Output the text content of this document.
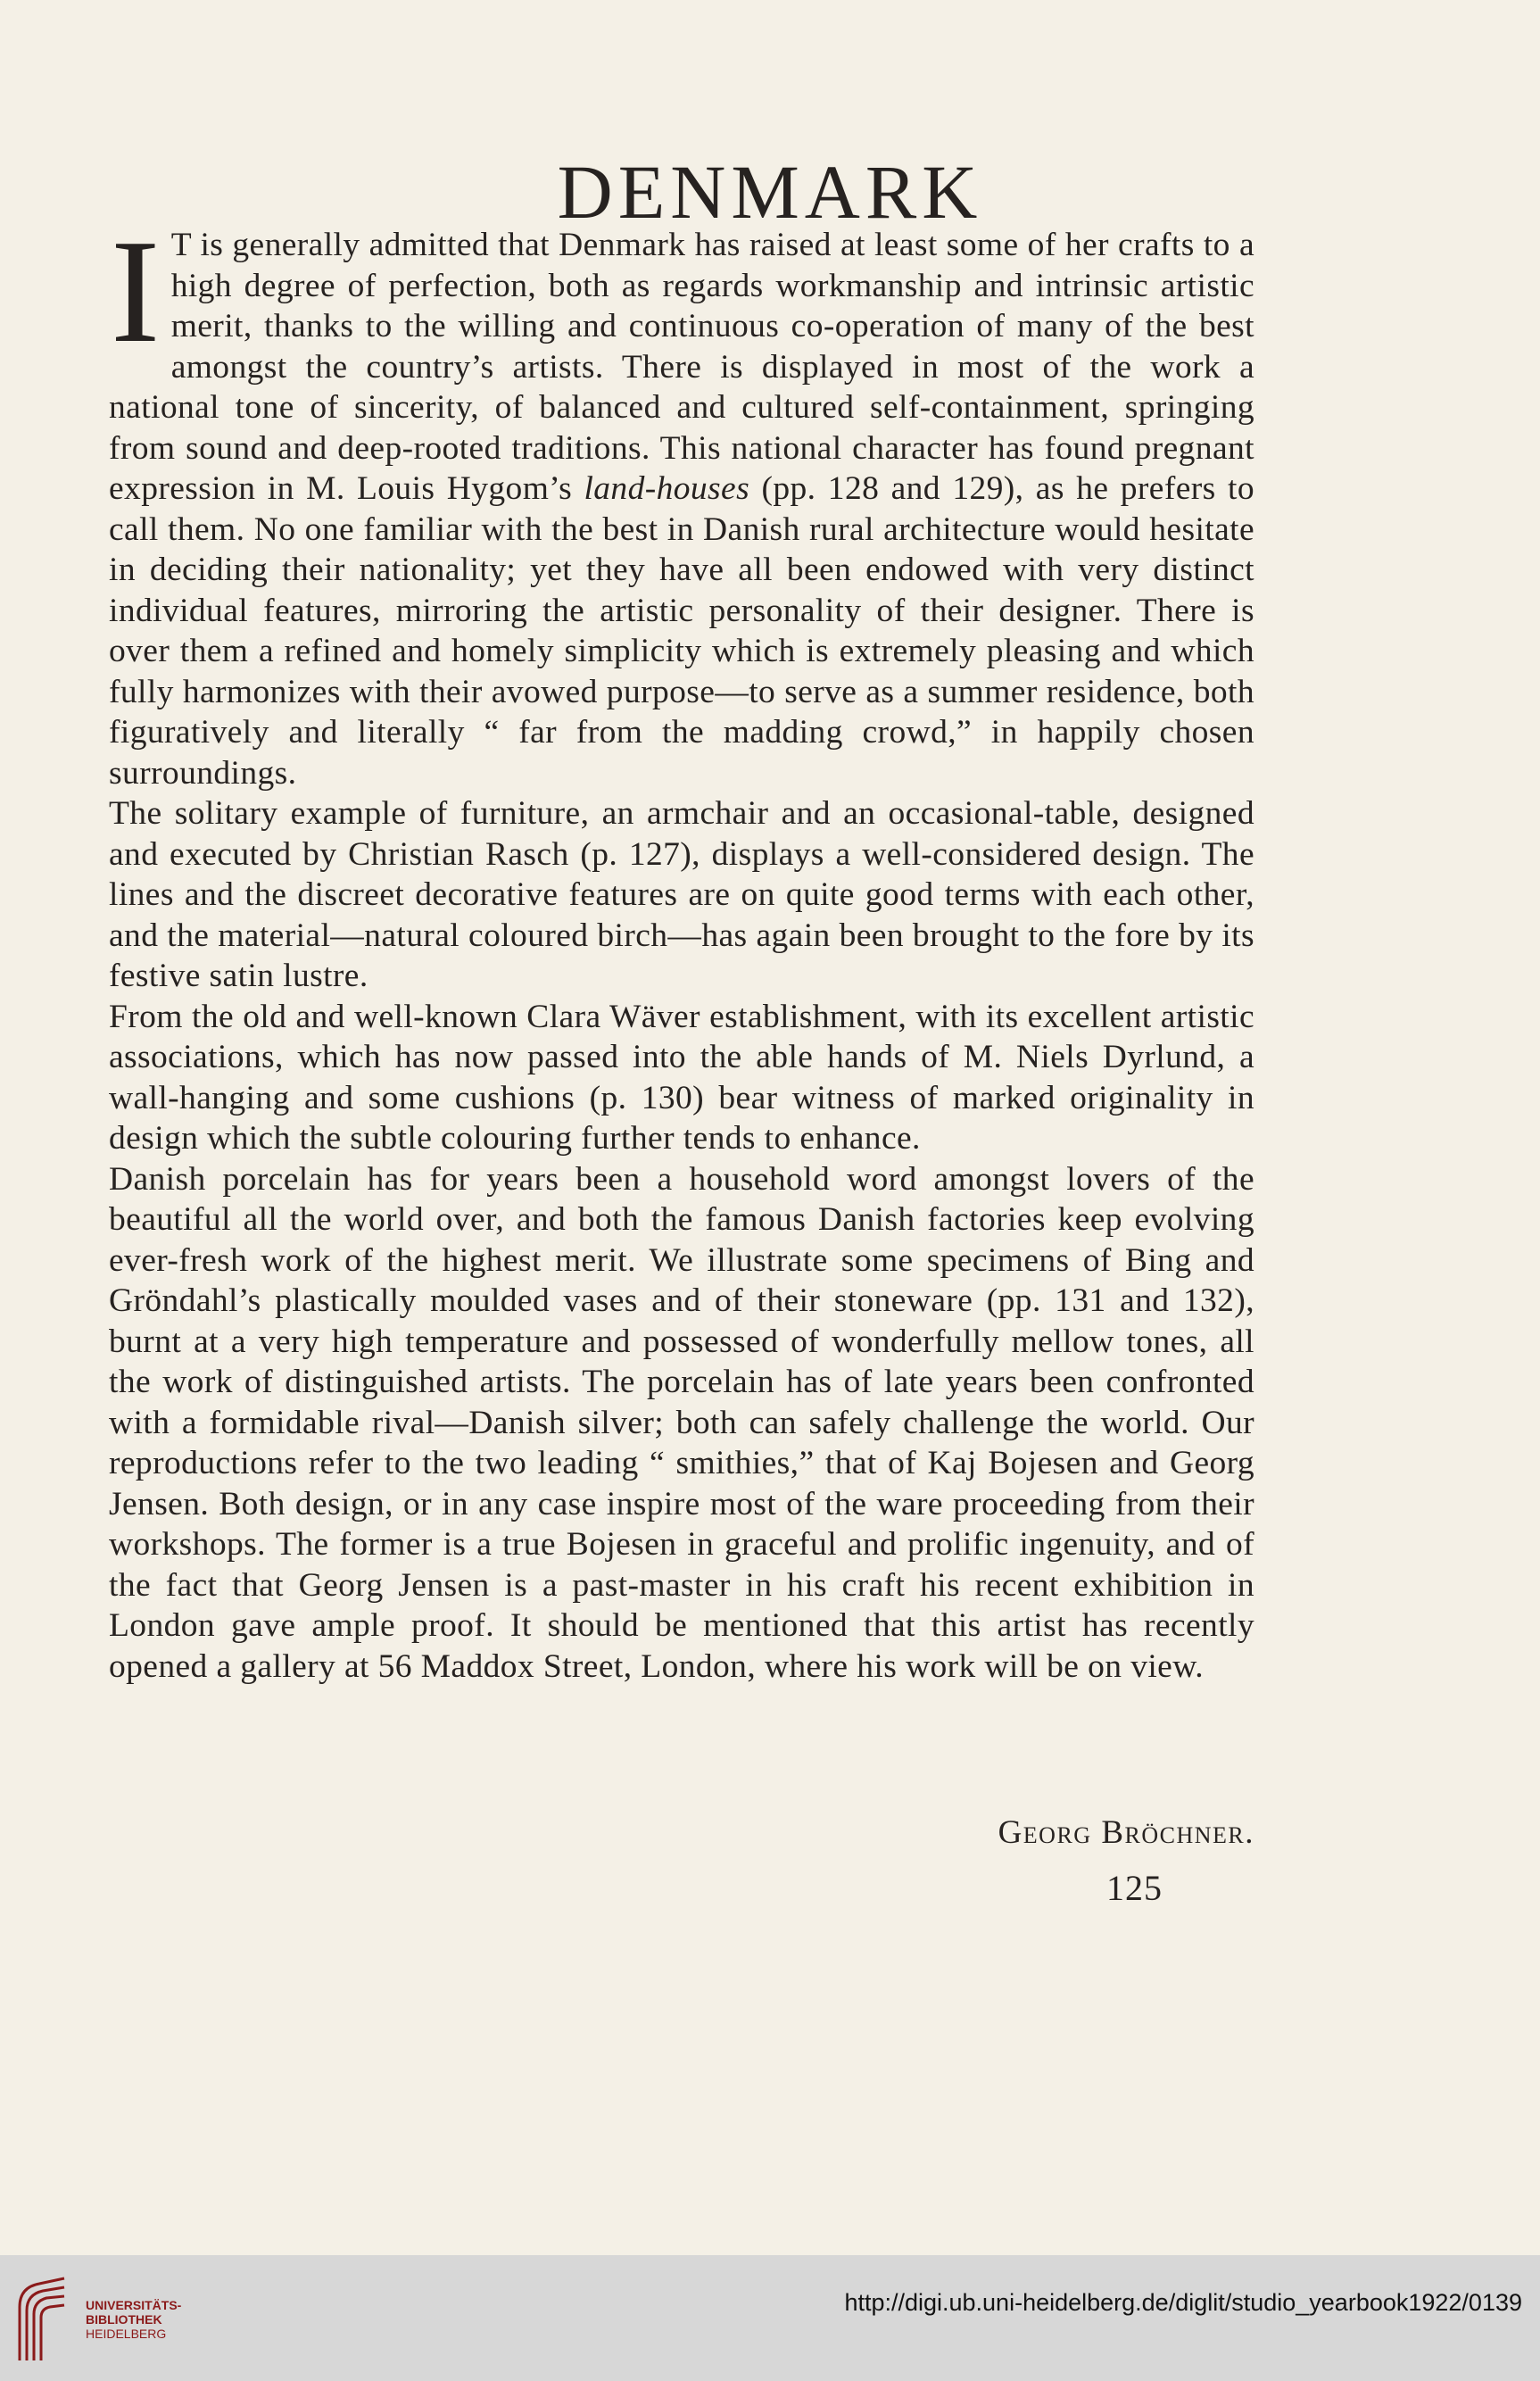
DENMARK

I T is generally admitted that Denmark has raised at least some of her crafts to a high degree of perfection, both as regards workmanship and intrinsic artistic merit, thanks to the willing and continuous co-operation of many of the best amongst the country’s artists. There is displayed in most of the work a national tone of sincerity, of balanced and cultured self-containment, springing from sound and deep-rooted traditions. This national character has found pregnant expression in M. Louis Hygom’s land-houses (pp. 128 and 129), as he prefers to call them. No one familiar with the best in Danish rural architecture would hesitate in deciding their nationality; yet they have all been endowed with very distinct individual features, mirroring the artistic personality of their designer. There is over them a refined and homely simplicity which is extremely pleasing and which fully harmonizes with their avowed purpose—to serve as a summer residence, both figuratively and literally “ far from the madding crowd,” in happily chosen surroundings.

The solitary example of furniture, an armchair and an occasional-table, designed and executed by Christian Rasch (p. 127), displays a well-considered design. The lines and the discreet decorative features are on quite good terms with each other, and the material—natural coloured birch—has again been brought to the fore by its festive satin lustre.

From the old and well-known Clara Wäver establishment, with its excellent artistic associations, which has now passed into the able hands of M. Niels Dyrlund, a wall-hanging and some cushions (p. 130) bear witness of marked originality in design which the subtle colouring further tends to enhance.

Danish porcelain has for years been a household word amongst lovers of the beautiful all the world over, and both the famous Danish factories keep evolving ever-fresh work of the highest merit. We illustrate some specimens of Bing and Gröndahl’s plastically moulded vases and of their stoneware (pp. 131 and 132), burnt at a very high temperature and possessed of wonderfully mellow tones, all the work of distinguished artists. The porcelain has of late years been confronted with a formidable rival—Danish silver; both can safely challenge the world. Our reproductions refer to the two leading “ smithies,” that of Kaj Bojesen and Georg Jensen. Both design, or in any case inspire most of the ware proceeding from their workshops. The former is a true Bojesen in graceful and prolific ingenuity, and of the fact that Georg Jensen is a past-master in his craft his recent exhibition in London gave ample proof. It should be mentioned that this artist has recently opened a gallery at 56 Maddox Street, London, where his work will be on view.

Georg Bröchner.
125
UNIVERSITÄTS-
BIBLIOTHEK
HEIDELBERG
http://digi.ub.uni-heidelberg.de/diglit/studio_yearbook1922/0139
